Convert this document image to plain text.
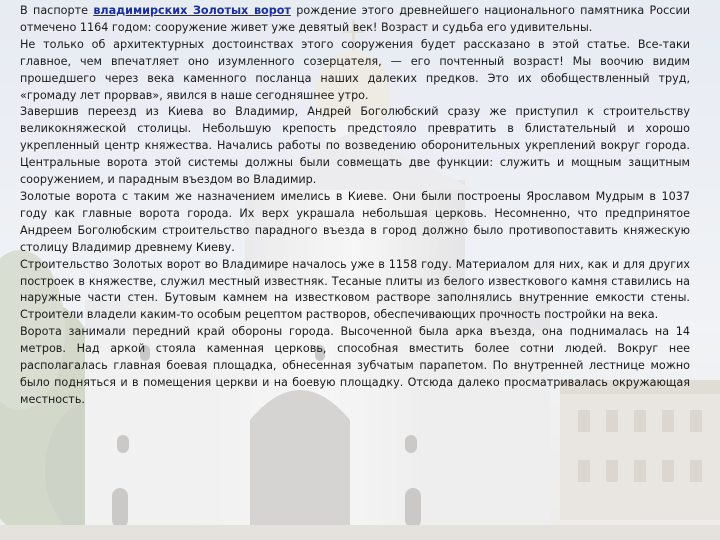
В паспорте владимирских Золотых ворот рождение этого древнейшего национального памятника России отмечено 1164 годом: сооружение живет уже девятый век! Возраст и судьба его удивительны.

Не только об архитектурных достоинствах этого сооружения будет рассказано в этой статье. Все-таки главное, чем впечатляет оно изумленного созерцателя, — его почтенный возраст! Мы воочию видим прошедшего через века каменного посланца наших далеких предков. Это их обобществленный труд, «громаду лет прорвав», явился в наше сегодняшнее утро.

Завершив переезд из Киева во Владимир, Андрей Боголюбский сразу же приступил к строительству великокняжеской столицы. Небольшую крепость предстояло превратить в блистательный и хорошо укрепленный центр княжества. Начались работы по возведению оборонительных укреплений вокруг города. Центральные ворота этой системы должны были совмещать две функции: служить и мощным защитным сооружением, и парадным въездом во Владимир.

Золотые ворота с таким же назначением имелись в Киеве. Они были построены Ярославом Мудрым в 1037 году как главные ворота города. Их верх украшала небольшая церковь. Несомненно, что предпринятое Андреем Боголюбским строительство парадного въезда в город должно было противопоставить княжескую столицу Владимир древнему Киеву.

Строительство Золотых ворот во Владимире началось уже в 1158 году. Материалом для них, как и для других построек в княжестве, служил местный известняк. Тесаные плиты из белого известкового камня ставились на наружные части стен. Бутовым камнем на известковом растворе заполнялись внутренние емкости стены. Строители владели каким-то особым рецептом растворов, обеспечивающих прочность постройки на века.

Ворота занимали передний край обороны города. Высоченной была арка въезда, она поднималась на 14 метров. Над аркой стояла каменная церковь, способная вместить более сотни людей. Вокруг нее располагалась главная боевая площадка, обнесенная зубчатым парапетом. По внутренней лестнице можно было подняться и в помещения церкви и на боевую площадку. Отсюда далеко просматривалась окружающая местность.
